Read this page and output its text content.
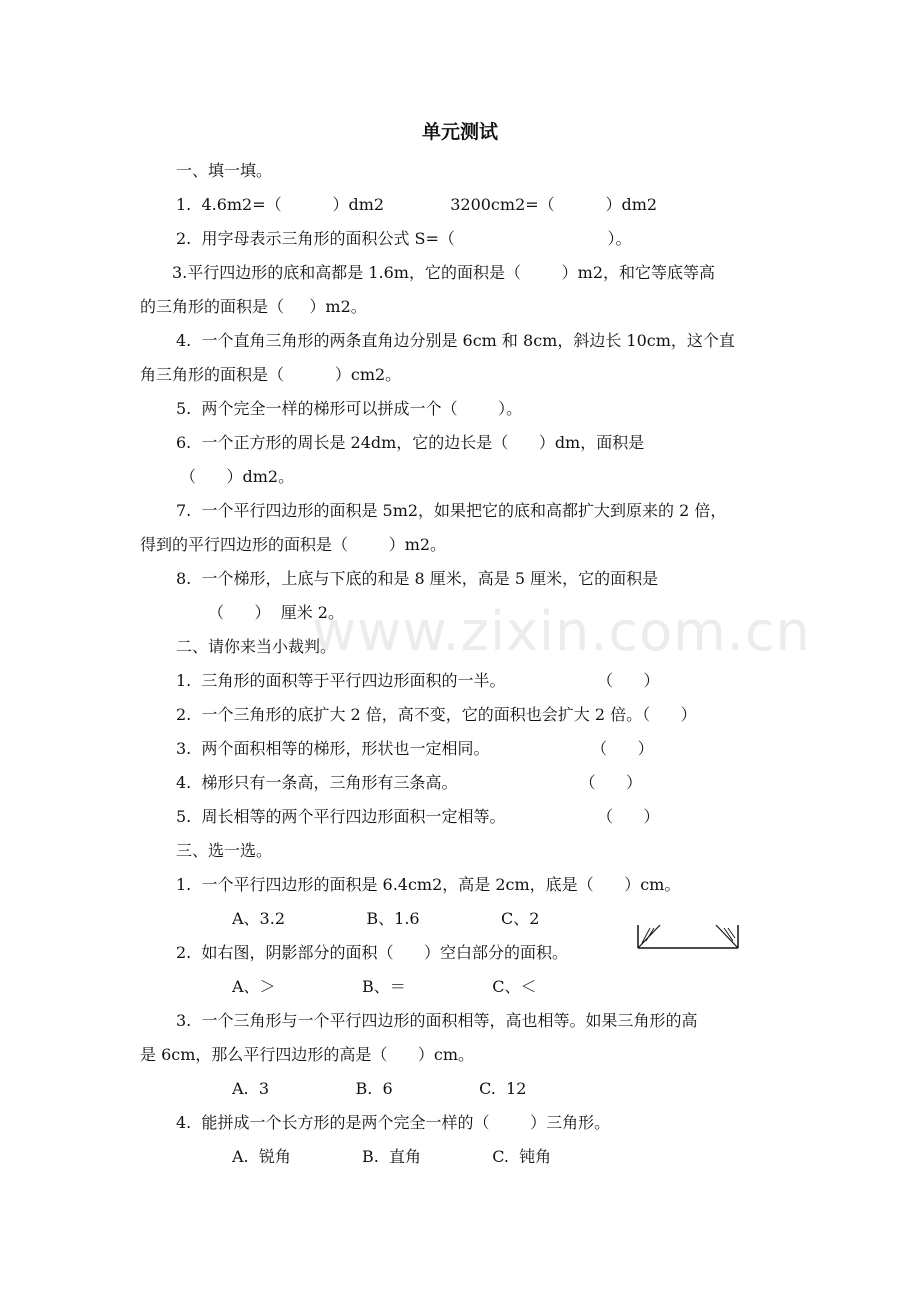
单元测试
一、填一填。
1.  4.6m2=（          ）dm2             3200cm2=（          ）dm2
2.  用字母表示三角形的面积公式 S=（                              ）。
3.平行四边形的底和高都是 1.6m，它的面积是（        ）m2，和它等底等高
的三角形的面积是（     ）m2。
4.  一个直角三角形的两条直角边分别是 6cm 和 8cm，斜边长 10cm，这个直
角三角形的面积是（          ）cm2。
5.  两个完全一样的梯形可以拼成一个（        ）。
6.  一个正方形的周长是 24dm，它的边长是（      ）dm，面积是
（      ）dm2。
7.  一个平行四边形的面积是 5m2，如果把它的底和高都扩大到原来的 2 倍，
得到的平行四边形的面积是（        ）m2。
8.  一个梯形，上底与下底的和是 8 厘米，高是 5 厘米，它的面积是
（      ）  厘米 2。
二、请你来当小裁判。
1.  三角形的面积等于平行四边形面积的一半。                  （      ）
2.  一个三角形的底扩大 2 倍，高不变，它的面积也会扩大 2 倍。（      ）
3.  两个面积相等的梯形，形状也一定相同。                    （      ）
4.  梯形只有一条高，三角形有三条高。                        （      ）
5.  周长相等的两个平行四边形面积一定相等。                  （      ）
三、选一选。
1.  一个平行四边形的面积是 6.4cm2，高是 2cm，底是（      ）cm。
A、3.2                B、1.6                C、2
2.  如右图，阴影部分的面积（      ）空白部分的面积。
A、＞                 B、＝                 C、＜
3.  一个三角形与一个平行四边形的面积相等，高也相等。如果三角形的高
是 6cm，那么平行四边形的高是（      ）cm。
A.  3                 B.  6                 C.  12
4.  能拼成一个长方形的是两个完全一样的（        ）三角形。
A.  锐角              B.  直角              C.  钝角
www.zixin.com.cn
